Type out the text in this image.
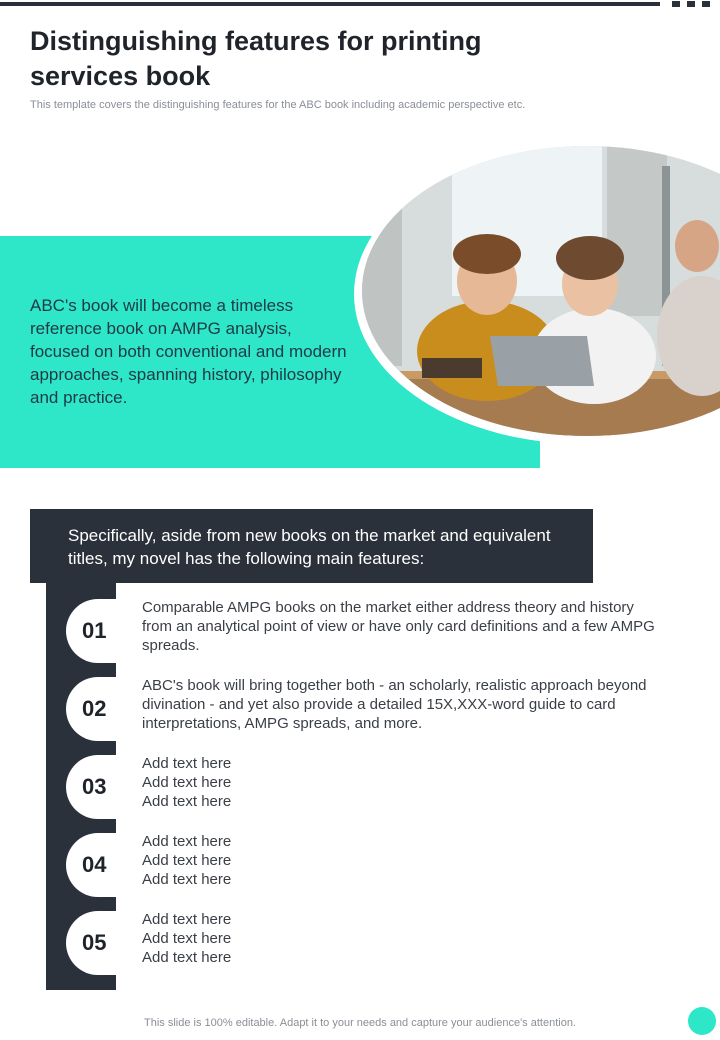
Distinguishing features for printing services book
This template covers the distinguishing features for the ABC book including academic perspective etc.

ABC's book will become a timeless reference book on AMPG analysis, focused on both conventional and modern approaches, spanning history, philosophy and practice.

Specifically, aside from new books on the market and equivalent titles, my novel has the following main features:

01

Comparable AMPG books on the market either address theory and history from an analytical point of view or have only card definitions and a few AMPG spreads.

02

ABC's book will bring together both - an scholarly, realistic approach beyond divination - and yet also provide a detailed 15X,XXX-word guide to card interpretations, AMPG spreads, and more.

03

Add text here
Add text here
Add text here

04

Add text here
Add text here
Add text here

05

Add text here
Add text here
Add text here

This slide is 100% editable. Adapt it to your needs and capture your audience's attention.
